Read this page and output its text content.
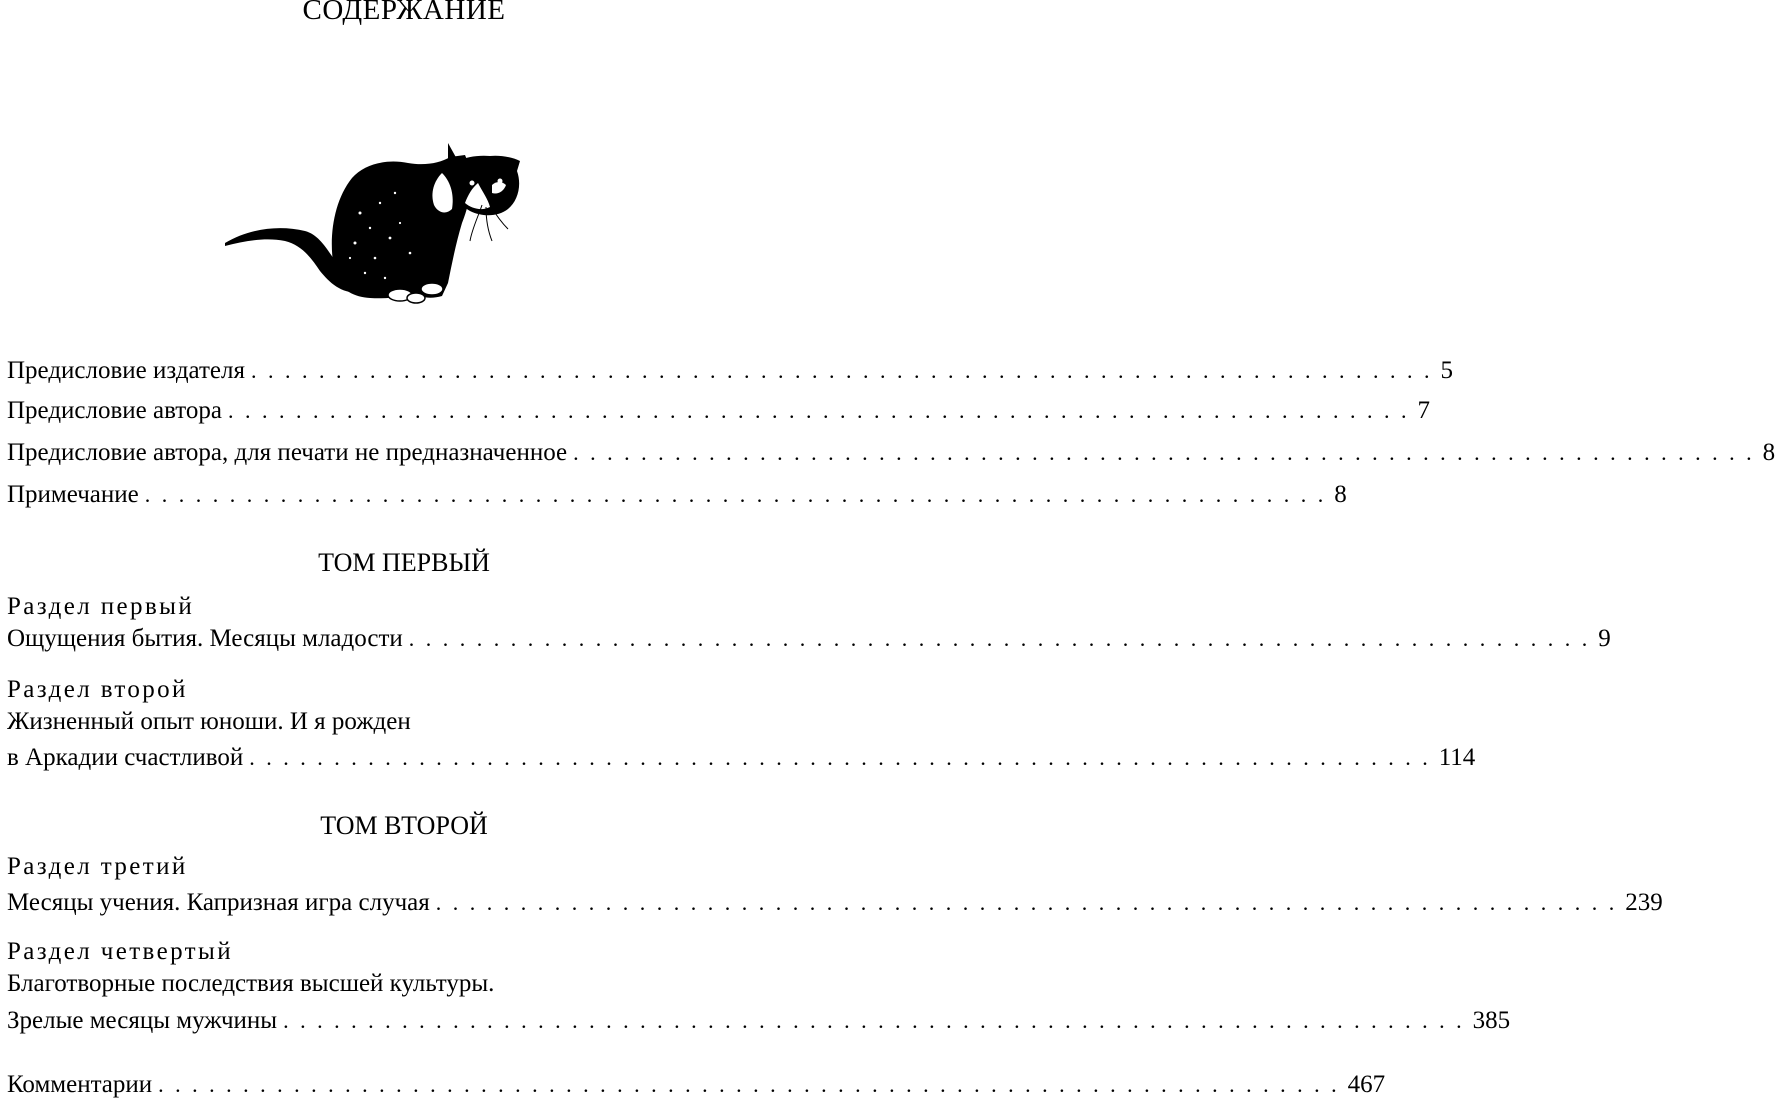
СОДЕРЖАНИЕ
Предисловие издателя . . . . . . . . . . . . . . . . . . . . . . . . . . . . . . . . . . . . . . . . . . . . . . . . . . . . . . . . . . . . . . . . . . . . . . 5
Предисловие автора . . . . . . . . . . . . . . . . . . . . . . . . . . . . . . . . . . . . . . . . . . . . . . . . . . . . . . . . . . . . . . . . . . . . . . 7
Предисловие автора, для печати не предназначенное . . . . . . . . . . . . . . . . . . . . . . . . . . . . . . . . . . . . . . . . . . . . . . . . . . . . . . . . . . . . . . . . . . . . . . 8
Примечание . . . . . . . . . . . . . . . . . . . . . . . . . . . . . . . . . . . . . . . . . . . . . . . . . . . . . . . . . . . . . . . . . . . . . . 8
ТОМ ПЕРВЫЙ
Раздел первый
Ощущения бытия. Месяцы младости . . . . . . . . . . . . . . . . . . . . . . . . . . . . . . . . . . . . . . . . . . . . . . . . . . . . . . . . . . . . . . . . . . . . . . 9
Раздел второй
Жизненный опыт юноши. И я рожден
в Аркадии счастливой . . . . . . . . . . . . . . . . . . . . . . . . . . . . . . . . . . . . . . . . . . . . . . . . . . . . . . . . . . . . . . . . . . . . . . 114
ТОМ ВТОРОЙ
Раздел третий
Месяцы учения. Капризная игра случая . . . . . . . . . . . . . . . . . . . . . . . . . . . . . . . . . . . . . . . . . . . . . . . . . . . . . . . . . . . . . . . . . . . . . . 239
Раздел четвертый
Благотворные последствия высшей культуры.
Зрелые месяцы мужчины . . . . . . . . . . . . . . . . . . . . . . . . . . . . . . . . . . . . . . . . . . . . . . . . . . . . . . . . . . . . . . . . . . . . . . 385
Комментарии . . . . . . . . . . . . . . . . . . . . . . . . . . . . . . . . . . . . . . . . . . . . . . . . . . . . . . . . . . . . . . . . . . . . . . 467
